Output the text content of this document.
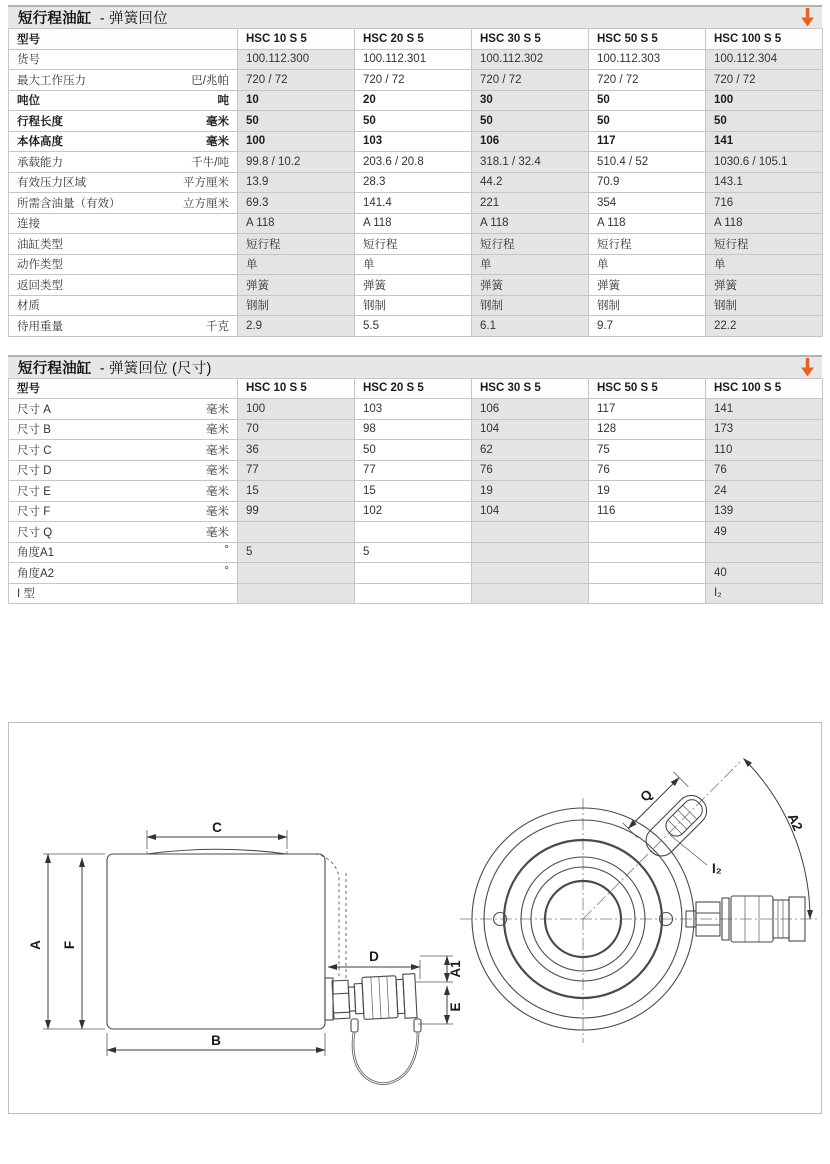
短行程油缸 - 弹簧回位
型号	HSC 10 S 5	HSC 20 S 5	HSC 30 S 5	HSC 50 S 5	HSC 100 S 5
货号	100.112.300	100.112.301	100.112.302	100.112.303	100.112.304
最大工作压力 巴/兆帕	720 / 72	720 / 72	720 / 72	720 / 72	720 / 72
吨位 吨	10	20	30	50	100
行程长度 毫米	50	50	50	50	50
本体高度 毫米	100	103	106	117	141
承载能力 千牛/吨	99.8 / 10.2	203.6 / 20.8	318.1 / 32.4	510.4 / 52	1030.6 / 105.1
有效压力区域 平方厘米	13.9	28.3	44.2	70.9	143.1
所需含油量（有效） 立方厘米	69.3	141.4	221	354	716
连接	A 118	A 118	A 118	A 118	A 118
油缸类型	短行程	短行程	短行程	短行程	短行程
动作类型	单	单	单	单	单
返回类型	弹簧	弹簧	弹簧	弹簧	弹簧
材质	钢制	钢制	钢制	钢制	钢制
待用重量 千克	2.9	5.5	6.1	9.7	22.2
短行程油缸 - 弹簧回位 (尺寸)
型号	HSC 10 S 5	HSC 20 S 5	HSC 30 S 5	HSC 50 S 5	HSC 100 S 5
尺寸 A 毫米	100	103	106	117	141
尺寸 B 毫米	70	98	104	128	173
尺寸 C 毫米	36	50	62	75	110
尺寸 D 毫米	77	77	76	76	76
尺寸 E 毫米	15	15	19	19	24
尺寸 F 毫米	99	102	104	116	139
尺寸 Q 毫米					49
角度A1 °	5	5			
角度A2 °					40
I 型					I₂
C
A F
B
D
A1
E
Q
I₂
A2
